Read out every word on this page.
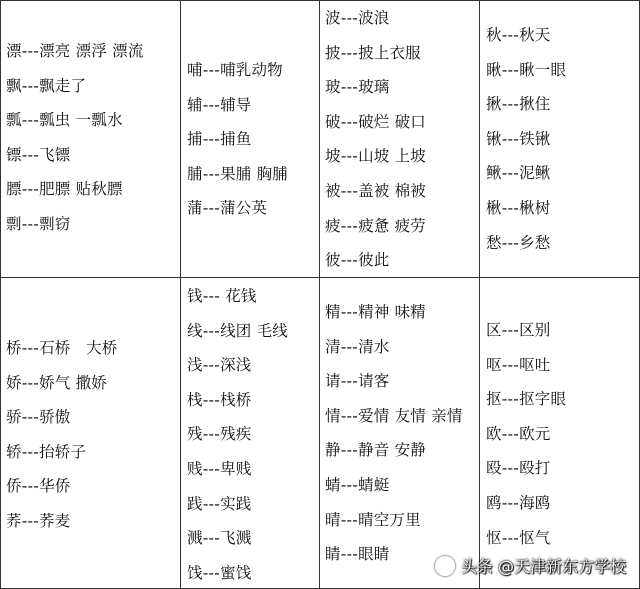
漂---漂亮 漂浮 漂流
飘---飘走了
瓢---瓢虫 一瓢水
镖---飞镖
膘---肥膘 贴秋膘
剽---剽窃
哺---哺乳动物
辅---辅导
捕---捕鱼
脯---果脯 胸脯
蒲---蒲公英
波---波浪
披---披上衣服
玻---玻璃
破---破烂 破口
坡---山坡 上坡
被---盖被 棉被
疲---疲惫 疲劳
彼---彼此
秋---秋天
瞅---瞅一眼
揪---揪住
锹---铁锹
鳅---泥鳅
楸---楸树
愁---乡愁
桥---石桥　大桥
娇---娇气 撒娇
骄---骄傲
轿---抬轿子
侨---华侨
荞---荞麦
钱--- 花钱
线---线团 毛线
浅---深浅
栈---栈桥
残---残疾
贱---卑贱
践---实践
溅---飞溅
饯---蜜饯
精---精神 味精
清---清水
请---请客
情---爱情 友情 亲情
静---静音 安静
蜻---蜻蜓
晴---晴空万里
睛---眼睛
区---区别
呕---呕吐
抠---抠字眼
欧---欧元
殴---殴打
鸥---海鸥
怄---怄气
头条 @天津新东方学校
